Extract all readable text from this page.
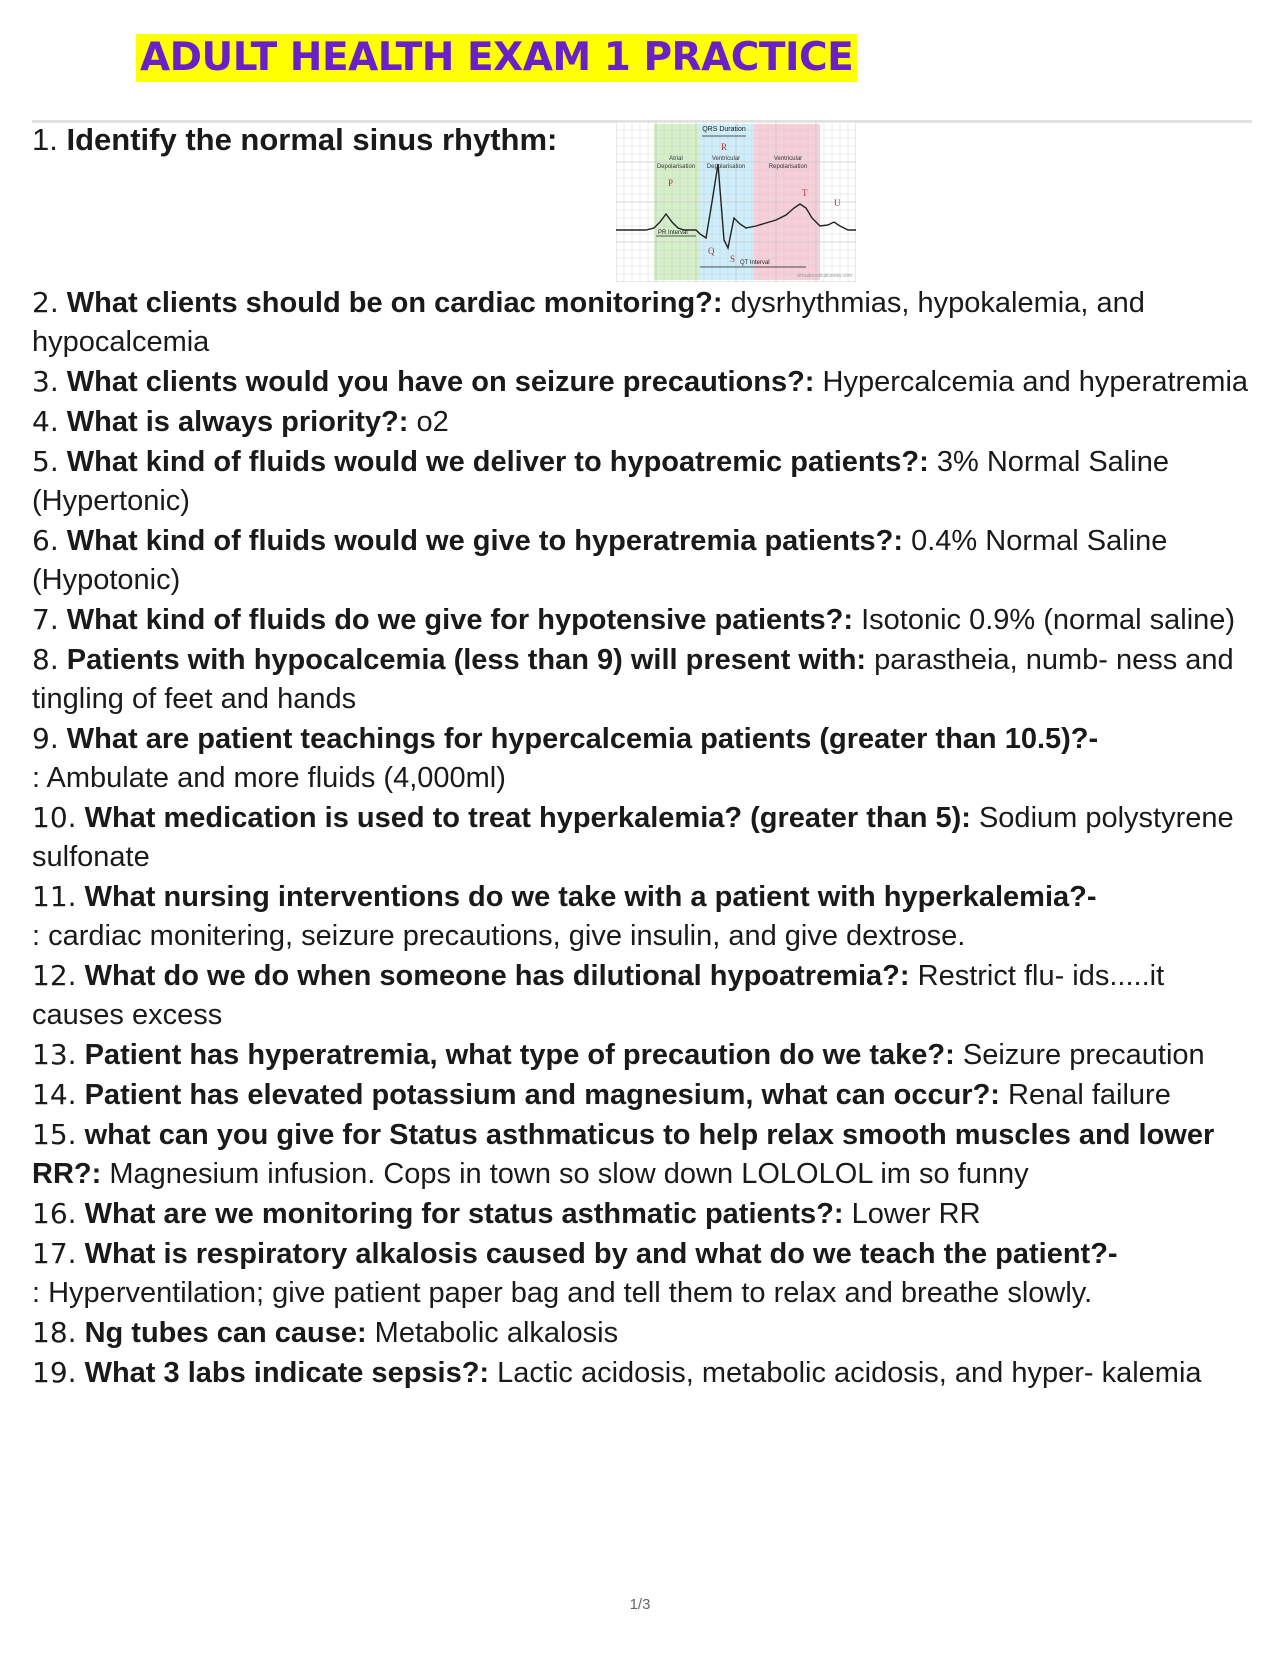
ADULT HEALTH EXAM 1 PRACTICE
1. Identify the normal sinus rhythm:	QRS Duration
Atrial
Depolarisation
Ventricular
Depolarisation
Ventricular
Repolarisation
R
P
Q
S
T
U
PR Interval
QT Interval
virtualmedicalcentre.com
2. What clients should be on cardiac monitoring?: dysrhythmias, hypokalemia, and hypocalcemia
3. What clients would you have on seizure precautions?: Hypercalcemia and hyperatremia
4. What is always priority?: o2
5. What kind of fluids would we deliver to hypoatremic patients?: 3% Normal Saline (Hypertonic)
6. What kind of fluids would we give to hyperatremia patients?: 0.4% Normal Saline (Hypotonic)
7. What kind of fluids do we give for hypotensive patients?: Isotonic 0.9% (normal saline)
8. Patients with hypocalcemia (less than 9) will present with: parastheia, numb- ness and tingling of feet and hands
9. What are patient teachings for hypercalcemia patients (greater than 10.5)?-
: Ambulate and more fluids (4,000ml)
10. What medication is used to treat hyperkalemia? (greater than 5): Sodium polystyrene sulfonate
11. What nursing interventions do we take with a patient with hyperkalemia?-
: cardiac monitering, seizure precautions, give insulin, and give dextrose.
12. What do we do when someone has dilutional hypoatremia?: Restrict flu- ids.....it causes excess
13. Patient has hyperatremia, what type of precaution do we take?: Seizure precaution
14. Patient has elevated potassium and magnesium, what can occur?: Renal failure
15. what can you give for Status asthmaticus to help relax smooth muscles and lower RR?: Magnesium infusion. Cops in town so slow down LOLOLOL im so funny
16. What are we monitoring for status asthmatic patients?: Lower RR
17. What is respiratory alkalosis caused by and what do we teach the patient?-
: Hyperventilation; give patient paper bag and tell them to relax and breathe slowly.
18. Ng tubes can cause: Metabolic alkalosis
19. What 3 labs indicate sepsis?: Lactic acidosis, metabolic acidosis, and hyper- kalemia
1/3
